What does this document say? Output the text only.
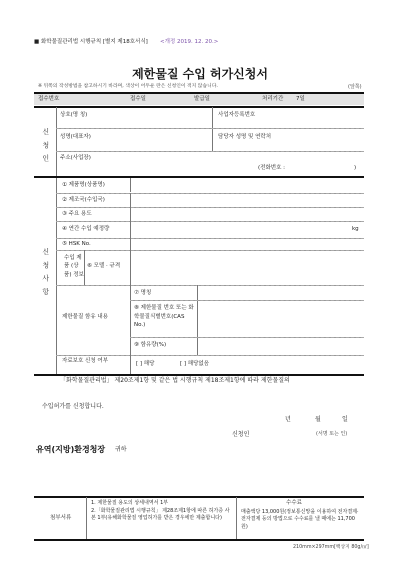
■ 화학물질관리법 시행규칙 [별지 제18호서식] <개정 2019. 12. 20.>
제한물질 수입 허가신청서
※ 뒤쪽의 작성방법을 참고하시기 바라며, 색상이 어두운 란은 신청인이 적지 않습니다.	(앞쪽)
접수번호	접수일	발급일	처리기간 7일
신 청 인
상호(명 칭)	사업자등록번호
성명(대표자)	담당자 성명 및 연락처
주소(사업장)
(전화번호 :	)
신 청 사 항
① 제품명(상품명)
② 제조국(수입국)
③ 주요 용도
④ 연간 수입 예정량	kg
⑤ HSK No.
수입 제품 (상품) 정보
⑥ 모델 · 규격
제한물질 함유 내용
⑦ 명칭
⑧ 제한물질 번호 또는 화학물질식별번호(CAS No.)
⑨ 함유량(%)
자료보호 신청 여부	[ ] 해당	[ ] 해당없음
「화학물질관리법」 제20조제1항 및 같은 법 시행규칙 제18조제1항에 따라 제한물질의
수입허가를 신청합니다.
년	월	일
신청인	(서명 또는 인)
유역(지방)환경청장 귀하
첨부서류
1. 제한물질 용도의 상세내역서 1부
2.「화학물질관리법 시행규칙」 제28조제1항에 따른 허가증 사본 1부(유해화학물질 영업허가를 받은 경우에만 제출합니다)
수수료
매출액당 13,000원(정보통신망을 이용하여 전자결제·전자결제 등의 방법으로 수수료를 낼 때에는 11,700원)
210mm×297mm[백상지 80g/㎡]
